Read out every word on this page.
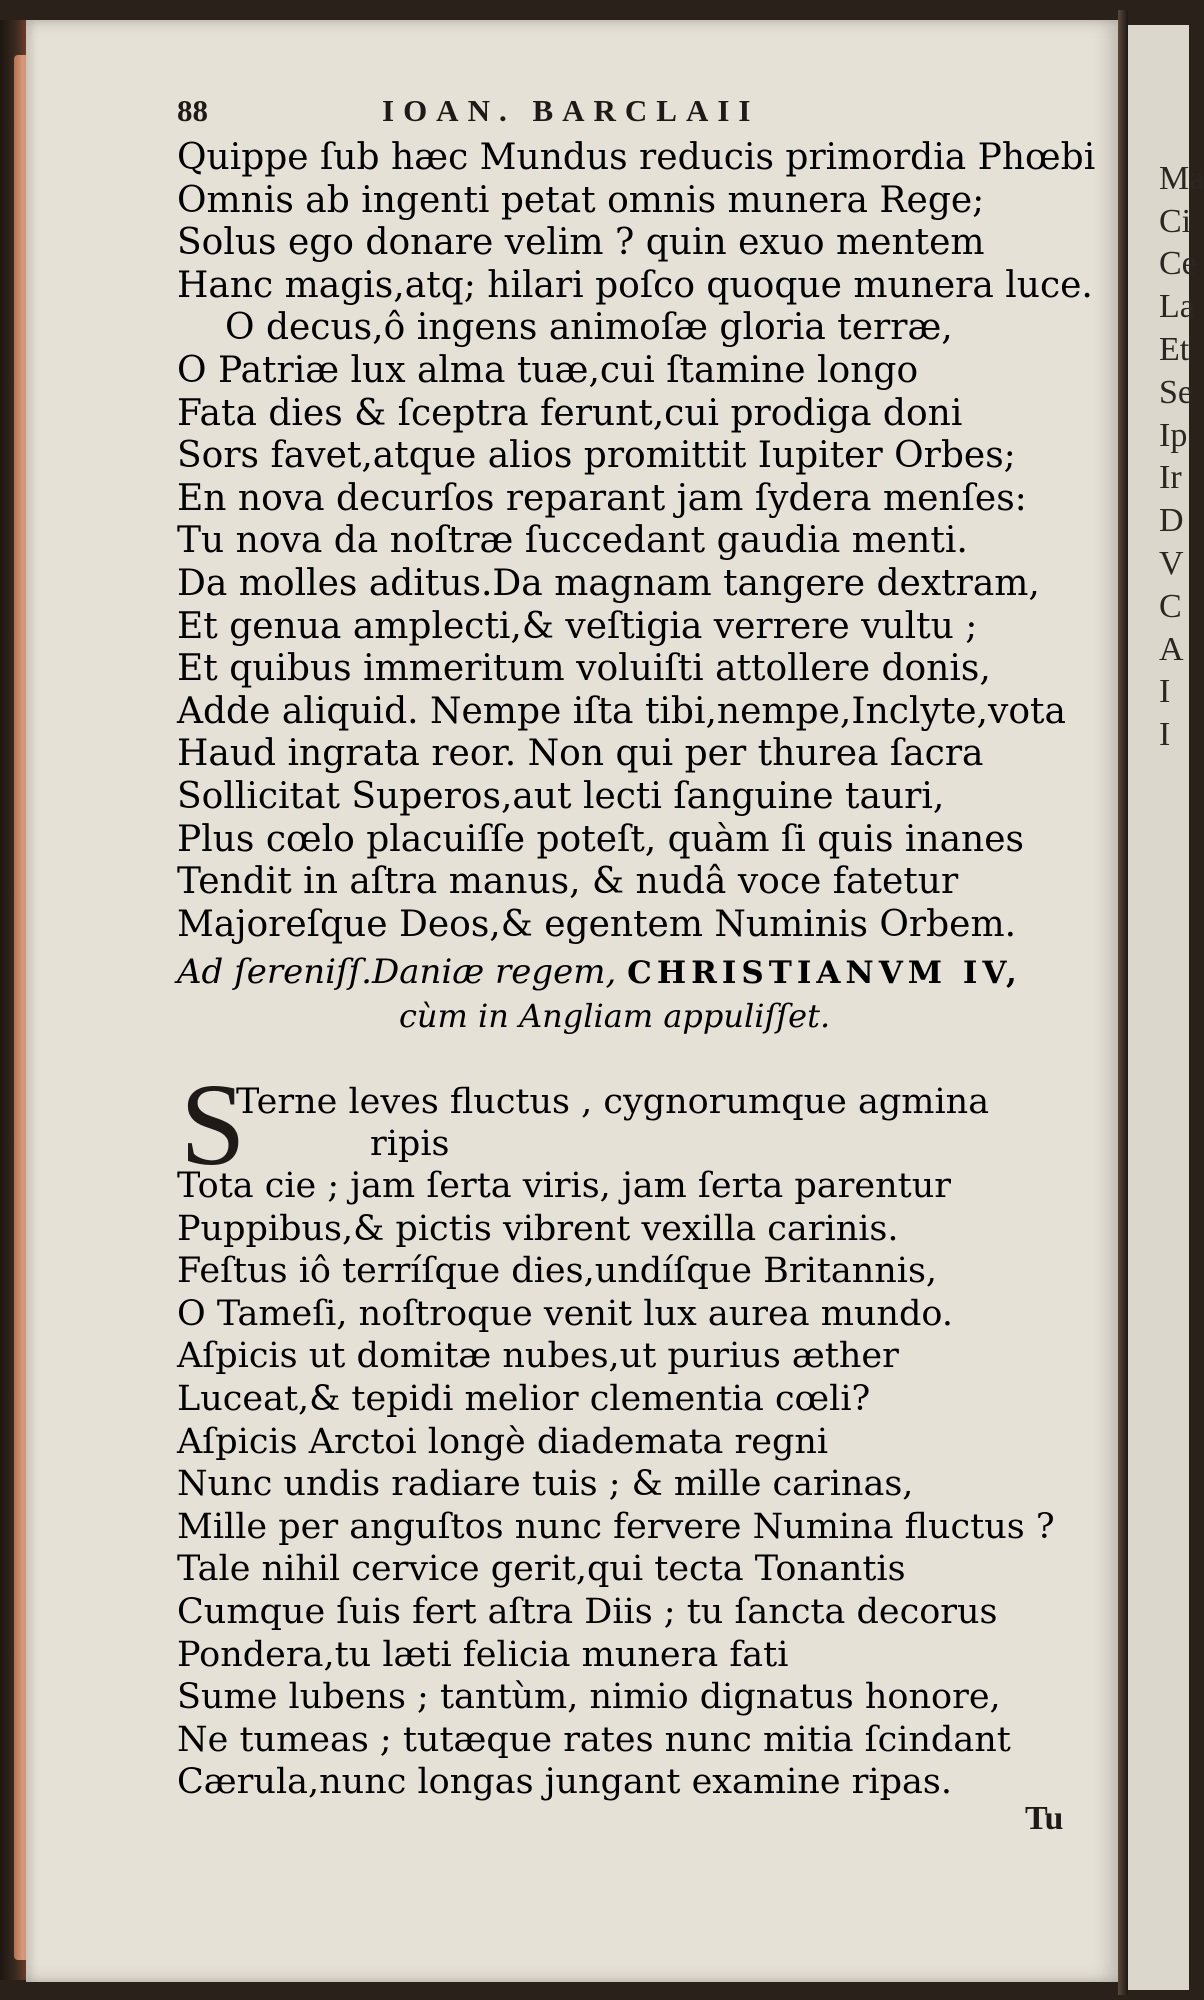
Ma
Ci
Ce
La
Et
Se
Ip
Ir
D
V
C
A
I
I
88	IOAN. BARCLAII
Quippe ſub hæc Mundus reducis primordia Phœbi
Omnis ab ingenti petat omnis munera Rege;
Solus ego donare velim ? quin exuo mentem
Hanc magis,atq; hilari poſco quoque munera luce.
O decus,ô ingens animoſæ gloria terræ,
O Patriæ lux alma tuæ,cui ſtamine longo
Fata dies & ſceptra ferunt,cui prodiga doni
Sors favet,atque alios promittit Iupiter Orbes;
En nova decurſos reparant jam ſydera menſes:
Tu nova da noſtræ ſuccedant gaudia menti.
Da molles aditus.Da magnam tangere dextram,
Et genua amplecti,& veſtigia verrere vultu ;
Et quibus immeritum voluiſti attollere donis,
Adde aliquid. Nempe iſta tibi,nempe,Inclyte,vota
Haud ingrata reor. Non qui per thurea ſacra
Sollicitat Superos,aut lecti ſanguine tauri,
Plus cœlo placuiſſe poteſt, quàm ſi quis inanes
Tendit in aſtra manus, & nudâ voce fatetur
Majoreſque Deos,& egentem Numinis Orbem.
Ad ſereniſſ.Daniæ regem, CHRISTIANVM IV,
cùm in Angliam appuliſſet.
S
Terne leves fluctus , cygnorumque agmina
ripis
Tota cie ; jam ſerta viris, jam ſerta parentur
Puppibus,& pictis vibrent vexilla carinis.
Feſtus iô terríſque dies,undíſque Britannis,
O Tameſi, noſtroque venit lux aurea mundo.
Aſpicis ut domitæ nubes,ut purius æther
Luceat,& tepidi melior clementia cœli?
Aſpicis Arctoi longè diademata regni
Nunc undis radiare tuis ; & mille carinas,
Mille per anguſtos nunc fervere Numina fluctus ?
Tale nihil cervice gerit,qui tecta Tonantis
Cumque ſuis fert aſtra Diis ; tu ſancta decorus
Pondera,tu læti felicia munera fati
Sume lubens ; tantùm, nimio dignatus honore,
Ne tumeas ; tutæque rates nunc mitia ſcindant
Cærula,nunc longas jungant examine ripas.
Tu
